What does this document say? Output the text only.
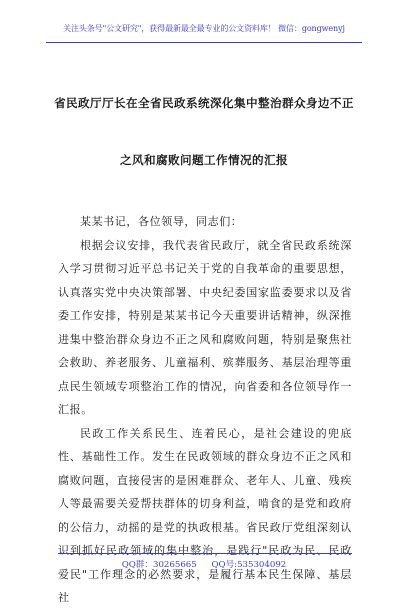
关注头条号"公文研究"，获得最新最全最专业的公文资料库！ 微信：gongwenyj
省民政厅厅长在全省民政系统深化集中整治群众身边不正
之风和腐败问题工作情况的汇报

某某书记，各位领导，同志们：

根据会议安排，我代表省民政厅，就全省民政系统深入学习贯彻习近平总书记关于党的自我革命的重要思想，认真落实党中央决策部署、中央纪委国家监委要求以及省委工作安排，特别是某某书记今天重要讲话精神，纵深推进集中整治群众身边不正之风和腐败问题，特别是聚焦社会救助、养老服务、儿童福利、殡葬服务、基层治理等重点民生领域专项整治工作的情况，向省委和各位领导作一汇报。

民政工作关系民生、连着民心，是社会建设的兜底性、基础性工作。发生在民政领域的群众身边不正之风和腐败问题，直接侵害的是困难群众、老年人、儿童、残疾人等最需要关爱帮扶群体的切身利益，啃食的是党和政府的公信力，动摇的是党的执政根基。省民政厅党组深刻认识到抓好民政领域的集中整治，是践行"民政为民、民政爱民"工作理念的必然要求，是履行基本民生保障、基层社

QQ群：30265665 QQ号:535304092
